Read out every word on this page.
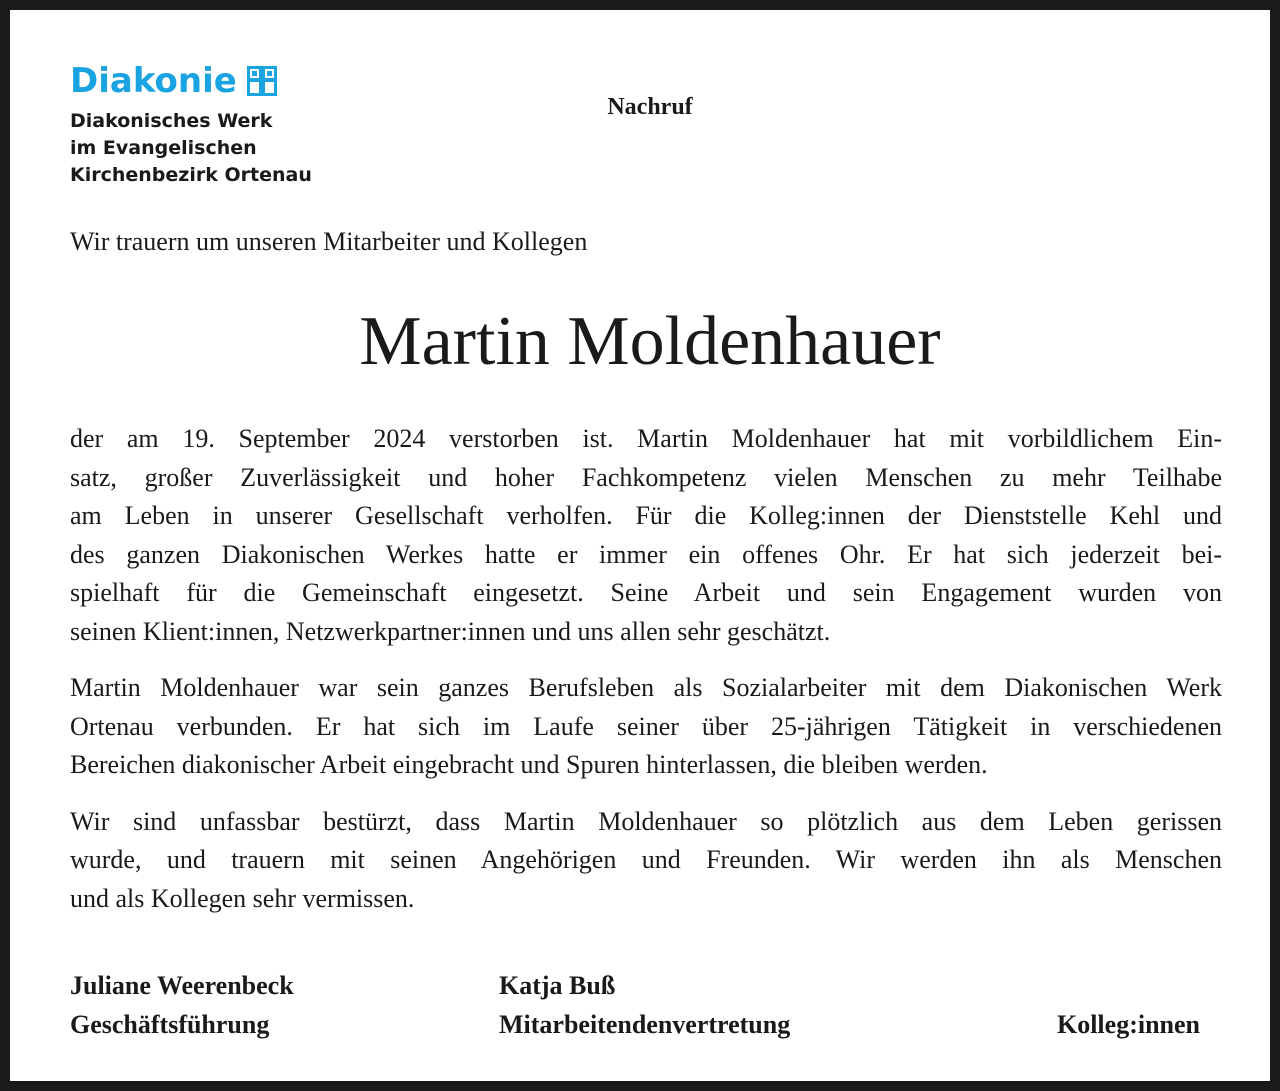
Diakonie
Diakonisches Werk
im Evangelischen
Kirchenbezirk Ortenau
Nachruf
Wir trauern um unseren Mitarbeiter und Kollegen
Martin Moldenhauer

der am 19. September 2024 verstorben ist. Martin Moldenhauer hat mit vorbildlichem Ein-
satz, großer Zuverlässigkeit und hoher Fachkompetenz vielen Menschen zu mehr Teilhabe
am Leben in unserer Gesellschaft verholfen. Für die Kolleg:innen der Dienststelle Kehl und
des ganzen Diakonischen Werkes hatte er immer ein offenes Ohr. Er hat sich jederzeit bei-
spielhaft für die Gemeinschaft eingesetzt. Seine Arbeit und sein Engagement wurden von
seinen Klient:innen, Netzwerkpartner:innen und uns allen sehr geschätzt.

Martin Moldenhauer war sein ganzes Berufsleben als Sozialarbeiter mit dem Diakonischen Werk
Ortenau verbunden. Er hat sich im Laufe seiner über 25-jährigen Tätigkeit in verschiedenen
Bereichen diakonischer Arbeit eingebracht und Spuren hinterlassen, die bleiben werden.

Wir sind unfassbar bestürzt, dass Martin Moldenhauer so plötzlich aus dem Leben gerissen
wurde, und trauern mit seinen Angehörigen und Freunden. Wir werden ihn als Menschen
und als Kollegen sehr vermissen.

Juliane Weerenbeck
Geschäftsführung
Katja Buß
Mitarbeitendenvertretung	Kolleg:innen
